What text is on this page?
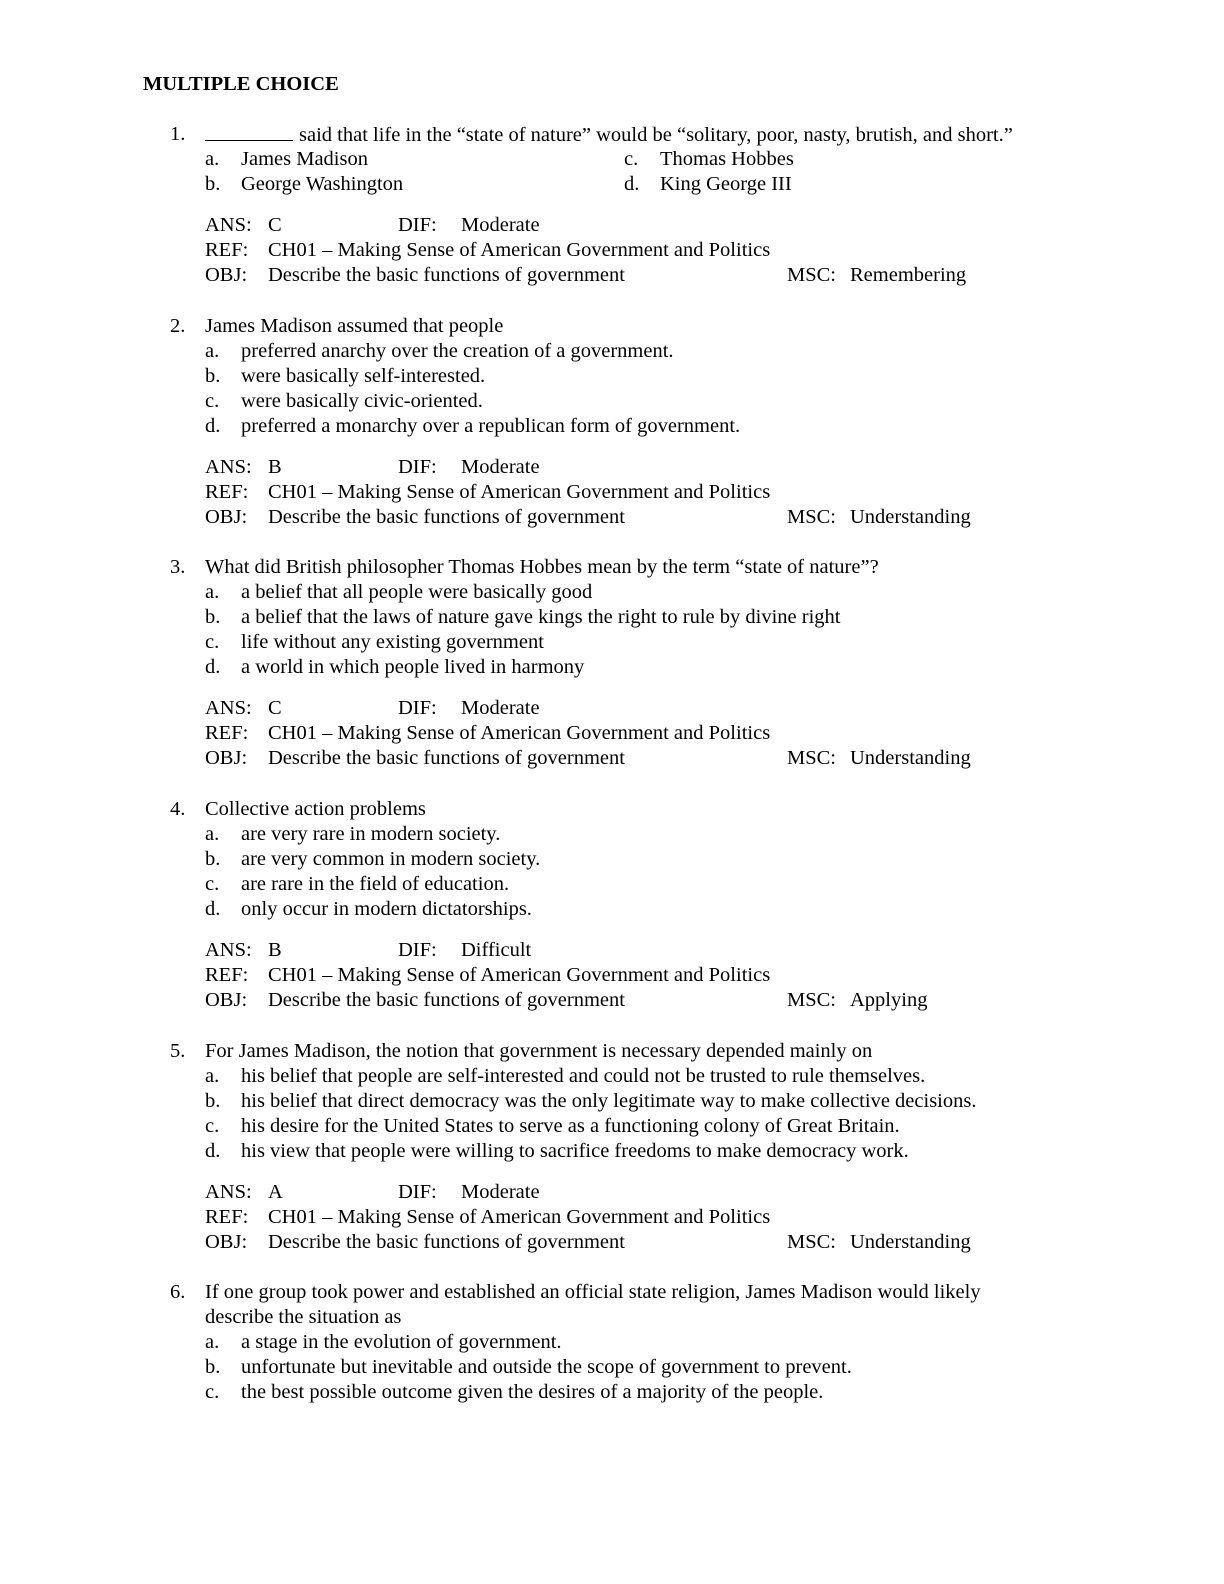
MULTIPLE CHOICE
1.	said that life in the “state of nature” would be “solitary, poor, nasty, brutish, and short.”
a. James Madison	c. Thomas Hobbes
b. George Washington	d. King George III
ANS: C	DIF: Moderate
REF: CH01 – Making Sense of American Government and Politics
OBJ: Describe the basic functions of government	MSC: Remembering
2. James Madison assumed that people
a. preferred anarchy over the creation of a government.
b. were basically self-interested.
c. were basically civic-oriented.
d. preferred a monarchy over a republican form of government.
ANS: B	DIF: Moderate
REF: CH01 – Making Sense of American Government and Politics
OBJ: Describe the basic functions of government	MSC: Understanding
3. What did British philosopher Thomas Hobbes mean by the term “state of nature”?
a. a belief that all people were basically good
b. a belief that the laws of nature gave kings the right to rule by divine right
c. life without any existing government
d. a world in which people lived in harmony
ANS: C	DIF: Moderate
REF: CH01 – Making Sense of American Government and Politics
OBJ: Describe the basic functions of government	MSC: Understanding
4. Collective action problems
a. are very rare in modern society.
b. are very common in modern society.
c. are rare in the field of education.
d. only occur in modern dictatorships.
ANS: B	DIF: Difficult
REF: CH01 – Making Sense of American Government and Politics
OBJ: Describe the basic functions of government	MSC: Applying
5. For James Madison, the notion that government is necessary depended mainly on
a. his belief that people are self-interested and could not be trusted to rule themselves.
b. his belief that direct democracy was the only legitimate way to make collective decisions.
c. his desire for the United States to serve as a functioning colony of Great Britain.
d. his view that people were willing to sacrifice freedoms to make democracy work.
ANS: A	DIF: Moderate
REF: CH01 – Making Sense of American Government and Politics
OBJ: Describe the basic functions of government	MSC: Understanding
6. If one group took power and established an official state religion, James Madison would likely
describe the situation as
a. a stage in the evolution of government.
b. unfortunate but inevitable and outside the scope of government to prevent.
c. the best possible outcome given the desires of a majority of the people.
